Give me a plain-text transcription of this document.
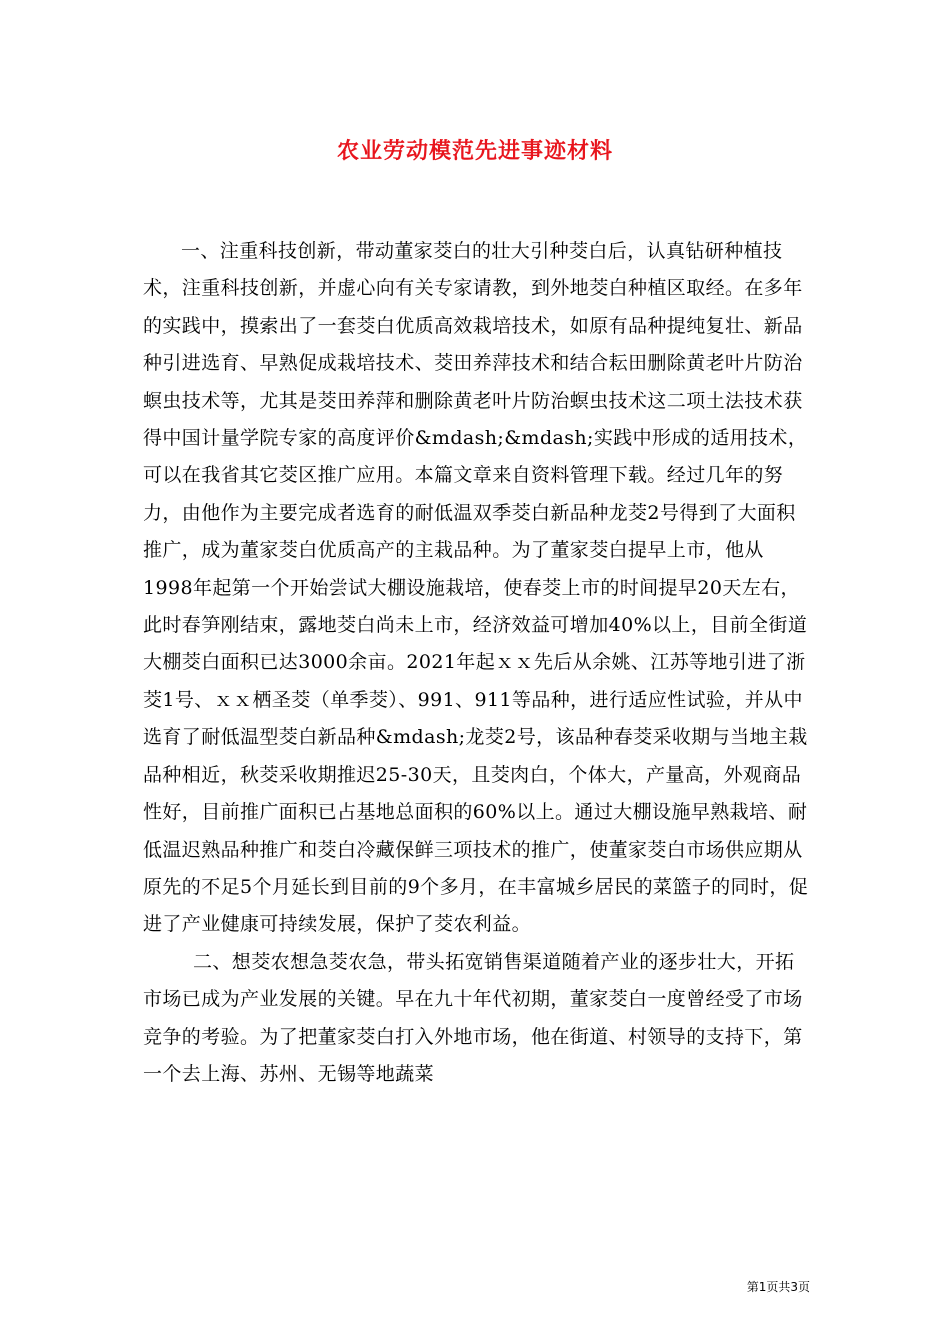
农业劳动模范先进事迹材料

一、注重科技创新，带动董家茭白的壮大引种茭白后，认真钻研种植技术，注重科技创新，并虚心向有关专家请教，到外地茭白种植区取经。在多年的实践中，摸索出了一套茭白优质高效栽培技术，如原有品种提纯复壮、新品种引进选育、早熟促成栽培技术、茭田养萍技术和结合耘田删除黄老叶片防治螟虫技术等，尤其是茭田养萍和删除黄老叶片防治螟虫技术这二项土法技术获得中国计量学院专家的高度评价&mdash;&mdash;实践中形成的适用技术，可以在我省其它茭区推广应用。本篇文章来自资料管理下载。经过几年的努力，由他作为主要完成者选育的耐低温双季茭白新品种龙茭2号得到了大面积推广，成为董家茭白优质高产的主栽品种。为了董家茭白提早上市，他从1998年起第一个开始尝试大棚设施栽培，使春茭上市的时间提早20天左右，此时春笋刚结束，露地茭白尚未上市，经济效益可增加40%以上，目前全街道大棚茭白面积已达3000余亩。2021年起ｘｘ先后从余姚、江苏等地引进了浙茭1号、ｘｘ栖圣茭（单季茭）、991、911等品种，进行适应性试验，并从中选育了耐低温型茭白新品种&mdash;龙茭2号，该品种春茭采收期与当地主栽品种相近，秋茭采收期推迟25-30天，且茭肉白，个体大，产量高，外观商品性好，目前推广面积已占基地总面积的60%以上。通过大棚设施早熟栽培、耐低温迟熟品种推广和茭白冷藏保鲜三项技术的推广，使董家茭白市场供应期从原先的不足5个月延长到目前的9个多月，在丰富城乡居民的菜篮子的同时，促进了产业健康可持续发展，保护了茭农利益。

二、想茭农想急茭农急，带头拓宽销售渠道随着产业的逐步壮大，开拓市场已成为产业发展的关键。早在九十年代初期，董家茭白一度曾经受了市场竞争的考验。为了把董家茭白打入外地市场，他在街道、村领导的支持下，第一个去上海、苏州、无锡等地蔬菜

第1页共3页
